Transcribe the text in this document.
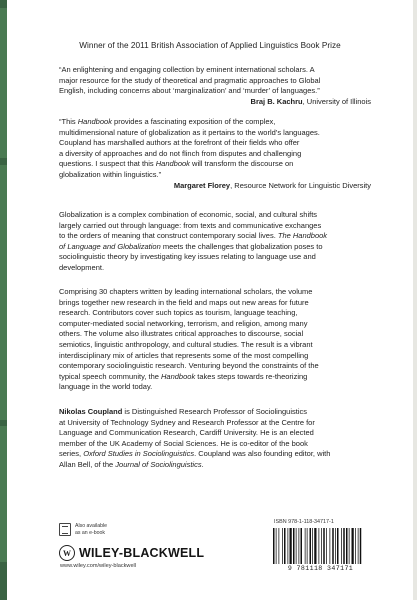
Winner of the 2011 British Association of Applied Linguistics Book Prize
“An enlightening and engaging collection by eminent international scholars. A
major resource for the study of theoretical and pragmatic approaches to Global
English, including concerns about ‘marginalization’ and ‘murder’ of languages.”
Braj B. Kachru, University of Illinois
“This Handbook provides a fascinating exposition of the complex,
multidimensional nature of globalization as it pertains to the world’s languages.
Coupland has marshalled authors at the forefront of their fields who offer
a diversity of approaches and do not flinch from disputes and challenging
questions. I suspect that this Handbook will transform the discourse on
globalization within linguistics.”
Margaret Florey, Resource Network for Linguistic Diversity
Globalization is a complex combination of economic, social, and cultural shifts
largely carried out through language: from texts and communicative exchanges
to the orders of meaning that construct contemporary social lives. The Handbook
of Language and Globalization meets the challenges that globalization poses to
sociolinguistic theory by investigating key issues relating to language use and
development.
Comprising 30 chapters written by leading international scholars, the volume
brings together new research in the field and maps out new areas for future
research. Contributors cover such topics as tourism, language teaching,
computer-mediated social networking, terrorism, and religion, among many
others. The volume also illustrates critical approaches to discourse, social
semiotics, linguistic anthropology, and cultural studies. The result is a vibrant
interdisciplinary mix of articles that represents some of the most compelling
contemporary sociolinguistic research. Venturing beyond the constraints of the
typical speech community, the Handbook takes steps towards re-theorizing
language in the world today.
Nikolas Coupland is Distinguished Research Professor of Sociolinguistics
at University of Technology Sydney and Research Professor at the Centre for
Language and Communication Research, Cardiff University. He is an elected
member of the UK Academy of Social Sciences. He is co-editor of the book
series, Oxford Studies in Sociolinguistics. Coupland was also founding editor, with
Allan Bell, of the Journal of Sociolinguistics.
Also available
as an e-book
W WILEY-BLACKWELL
www.wiley.com/wiley-blackwell
ISBN 978-1-118-34717-1
9 781118 347171
